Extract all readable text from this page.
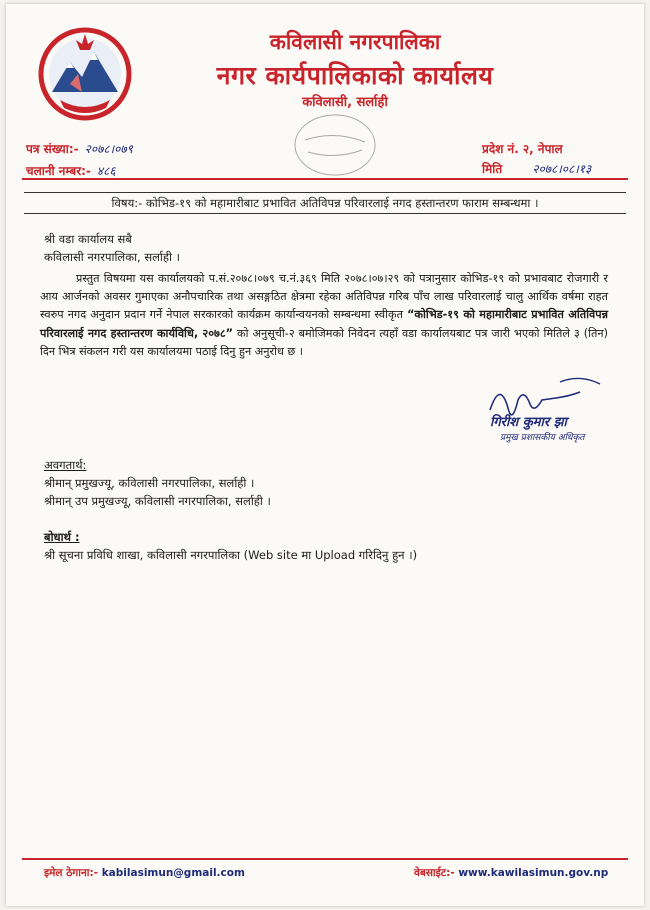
कविलासी नगरपालिका
नगर कार्यपालिकाको कार्यालय
कविलासी, सर्लाही
पत्र संख्या:- २०७८।०७९
चलानी नम्बर:- ४८६
प्रदेश नं. २, नेपाल
मिति	२०७८।०८।१३
विषय:- कोभिड-१९ को महामारीबाट प्रभावित अतिविपन्न परिवारलाई नगद हस्तान्तरण फाराम सम्बन्धमा ।
श्री वडा कार्यालय सबै
कविलासी नगरपालिका, सर्लाही ।
प्रस्तुत विषयमा यस कार्यालयको प.सं.२०७८।०७९ च.नं.३६९ मिति २०७८।०७।२९ को पत्रानुसार कोभिड-१९ को प्रभावबाट रोजगारी र आय आर्जनको अवसर गुमाएका अनौपचारिक तथा असङ्गठित क्षेत्रमा रहेका अतिविपन्न गरिब पाँच लाख परिवारलाई चालु आर्थिक वर्षमा राहत स्वरुप नगद अनुदान प्रदान गर्ने नेपाल सरकारको कार्यक्रम कार्यान्वयनको सम्बन्धमा स्वीकृत “कोभिड-१९ को महामारीबाट प्रभावित अतिविपन्न परिवारलाई नगद हस्तान्तरण कार्यविधि, २०७८” को अनुसूची-२ बमोजिमको निवेदन त्यहाँ वडा कार्यालयबाट पत्र जारी भएको मितिले ३ (तिन) दिन भित्र संकलन गरी यस कार्यालयमा पठाई दिनु हुन अनुरोध छ ।
गिरीश कुमार झा
प्रमुख प्रशासकीय अधिकृत
अवगतार्थ:
श्रीमान् प्रमुखज्यू, कविलासी नगरपालिका, सर्लाही ।
श्रीमान् उप प्रमुखज्यू, कविलासी नगरपालिका, सर्लाही ।
बोधार्थ :
श्री सूचना प्रविधि शाखा, कविलासी नगरपालिका (Web site मा Upload गरिदिनु हुन ।)
इमेल ठेगाना:- kabilasimun@gmail.com	वेबसाईट:- www.kawilasimun.gov.np
